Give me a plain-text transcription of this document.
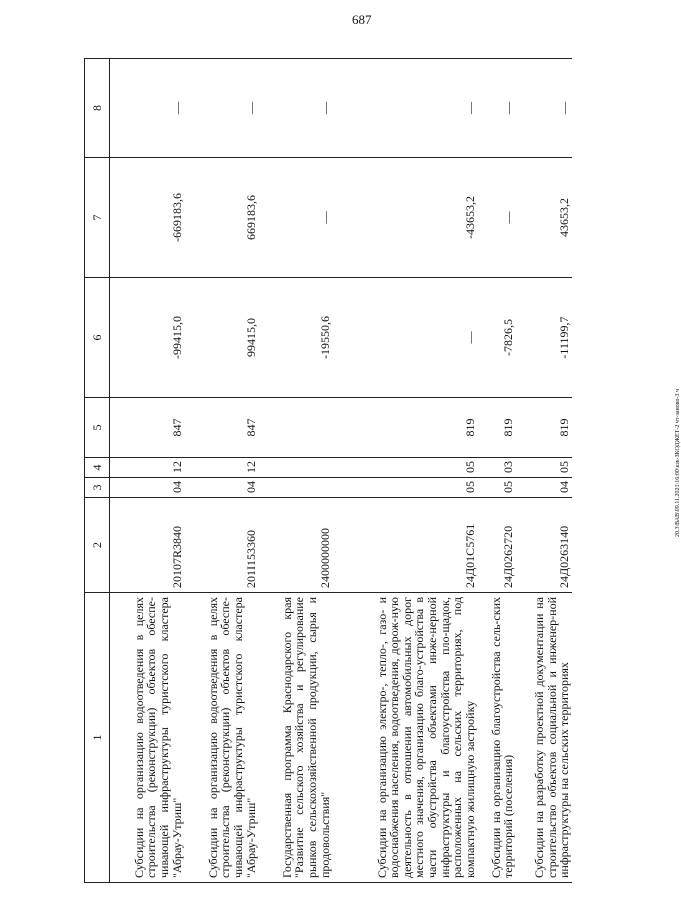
687
20.3\ВАВ\09.11.2021\16:00\кзк-ЗКОДЖЕТ-2 чт-заново-3 ч
1	2	3	4	5	6	7	8
Субсидии на организацию водоотведения в целях строительства (реконструкции) объектов обеспе-чивающей инфраструктуры туристского кластера "Абрау-Утриш"	20107R3840	04	12	847	-99415,0	-669183,6	—
Субсидии на организацию водоотведения в целях строительства (реконструкции) объектов обеспе-чивающей инфраструктуры туристского кластера "Абрау-Утриш"	201I153360	04	12	847	99415,0	669183,6	—
Государственная программа Краснодарского края "Развитие сельского хозяйства и регулирование рынков сельскохозяйственной продукции, сырья и продовольствия"	2400000000				-19550,6	—	—
Субсидии на организацию электро-, тепло-, газо- и водоснабжения населения, водоотведения, дорож-ную деятельность в отношении автомобильных дорог местного значения, организацию благо-устройства в части обустройства объектами инже-нерной инфраструктуры и благоустройства пло-щадок, расположенных на сельских территориях, под компактную жилищную застройку	24Д01С5761	05	05	819	—	-43653,2	—
Субсидии на организацию благоустройства сель-ских территорий (поселения)	24Д0262720	05	03	819	-7826,5	—	—
Субсидии на разработку проектной документации на строительство объектов социальной и инженер-ной инфраструктуры на сельских территориях	24Д0263140	04	05	819	-11199,7	43653,2	—
